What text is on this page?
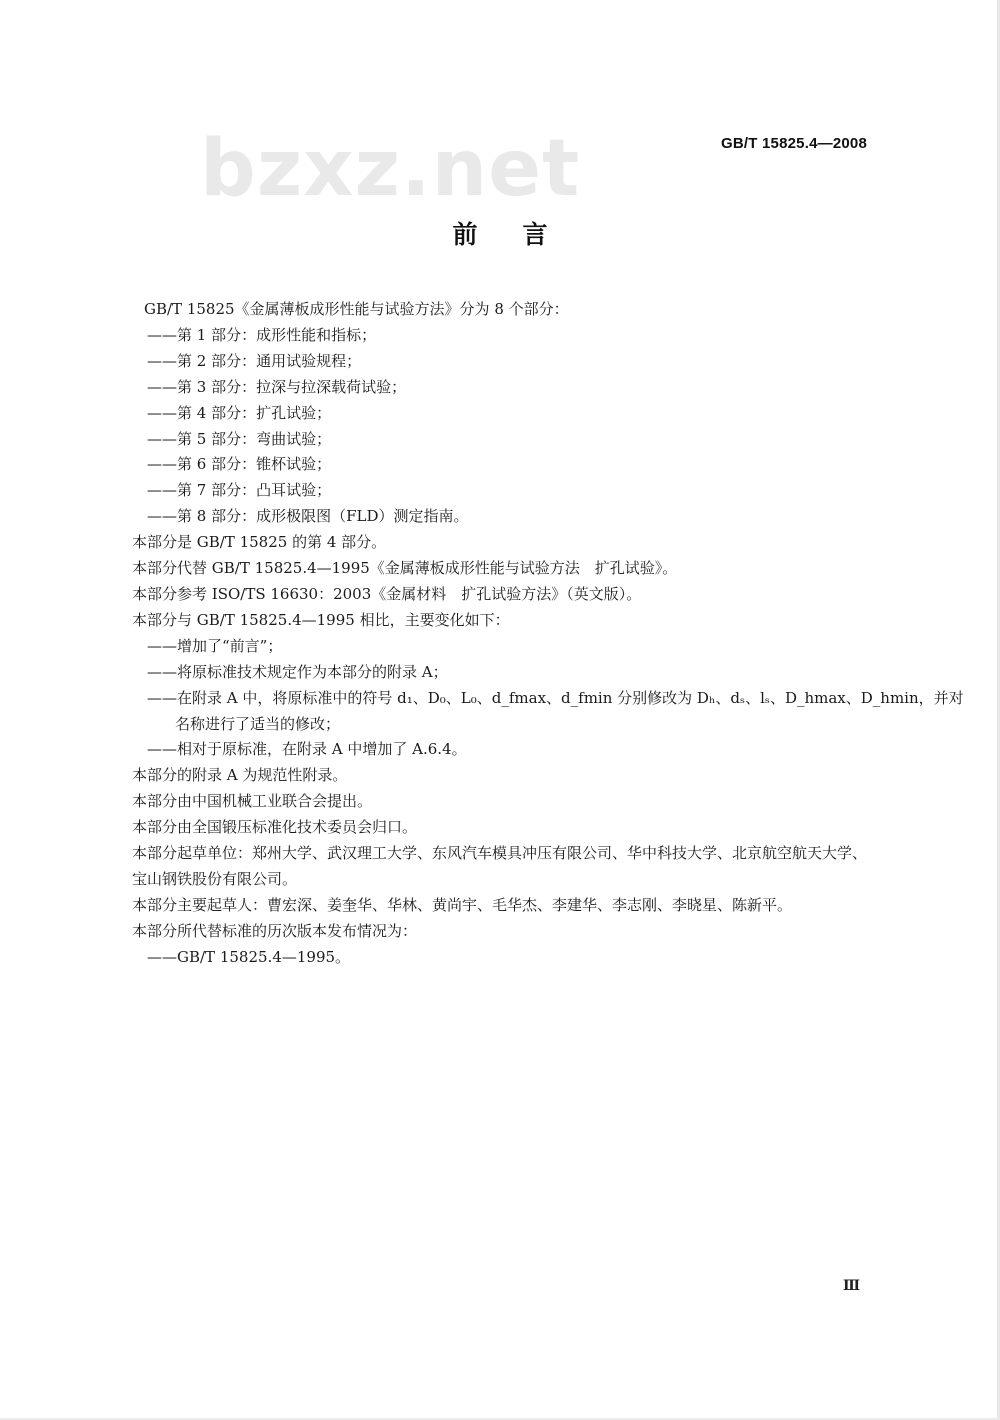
bzxz.net	GB/T 15825.4—2008
前言
GB/T 15825《金属薄板成形性能与试验方法》分为 8 个部分：
——第 1 部分：成形性能和指标；
——第 2 部分：通用试验规程；
——第 3 部分：拉深与拉深载荷试验；
——第 4 部分：扩孔试验；
——第 5 部分：弯曲试验；
——第 6 部分：锥杯试验；
——第 7 部分：凸耳试验；
——第 8 部分：成形极限图（FLD）测定指南。
本部分是 GB/T 15825 的第 4 部分。
本部分代替 GB/T 15825.4—1995《金属薄板成形性能与试验方法　扩孔试验》。
本部分参考 ISO/TS 16630：2003《金属材料　扩孔试验方法》（英文版）。
本部分与 GB/T 15825.4—1995 相比，主要变化如下：
——增加了“前言”；
——将原标准技术规定作为本部分的附录 A；
——在附录 A 中，将原标准中的符号 d₁、D₀、L₀、d_fmax、d_fmin 分别修改为 Dₕ、dₛ、lₛ、D_hmax、D_hmin，并对
名称进行了适当的修改；
——相对于原标准，在附录 A 中增加了 A.6.4。
本部分的附录 A 为规范性附录。
本部分由中国机械工业联合会提出。
本部分由全国锻压标准化技术委员会归口。
本部分起草单位：郑州大学、武汉理工大学、东风汽车模具冲压有限公司、华中科技大学、北京航空航天大学、宝山钢铁股份有限公司。
本部分主要起草人：曹宏深、姜奎华、华林、黄尚宇、毛华杰、李建华、李志刚、李晓星、陈新平。
本部分所代替标准的历次版本发布情况为：
——GB/T 15825.4—1995。
Ⅲ
